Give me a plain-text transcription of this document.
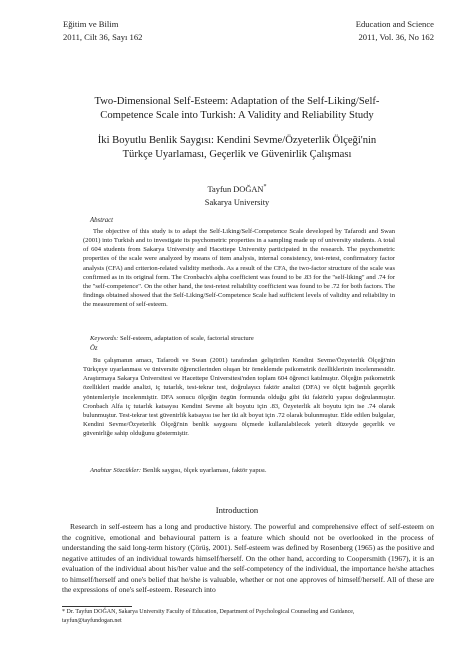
Eğitim ve Bilim
2011, Cilt 36, Sayı 162
Education and Science
2011, Vol. 36, No 162
Two-Dimensional Self-Esteem: Adaptation of the Self-Liking/Self-
Competence Scale into Turkish: A Validity and Reliability Study
İki Boyutlu Benlik Saygısı: Kendini Sevme/Özyeterlik Ölçeği'nin
Türkçe Uyarlaması, Geçerlik ve Güvenirlik Çalışması
Tayfun DOĞAN*
Sakarya University
Abstract

The objective of this study is to adapt the Self-Liking/Self-Competence Scale developed by Tafarodi and Swan (2001) into Turkish and to investigate its psychometric properties in a sampling made up of university students. A total of 604 students from Sakarya University and Hacettepe University participated in the research. The psychometric properties of the scale were analyzed by means of item analysis, internal consistency, test-retest, confirmatory factor analysis (CFA) and criterion-related validity methods. As a result of the CFA, the two-factor structure of the scale was confirmed as in its original form. The Cronbach's alpha coefficient was found to be .83 for the "self-liking" and .74 for the "self-competence". On the other hand, the test-retest reliability coefficient was found to be .72 for both factors. The findings obtained showed that the Self-Liking/Self-Competence Scale had sufficient levels of validity and reliability in the measurement of self-esteem.

Keywords: Self-esteem, adaptation of scale, factorial structure
Öz

Bu çalışmanın amacı, Tafarodi ve Swan (2001) tarafından geliştirilen Kendini Sevme/Özyeterlik Ölçeği'nin Türkçeye uyarlanması ve üniversite öğrencilerinden oluşan bir örneklemde psikometrik özelliklerinin incelenmesidir. Araştırmaya Sakarya Üniversitesi ve Hacettepe Üniversitesi'nden toplam 604 öğrenci katılmıştır. Ölçeğin psikometrik özellikleri madde analizi, iç tutarlık, test-tekrar test, doğrulayıcı faktör analizi (DFA) ve ölçüt bağıntılı geçerlik yöntemleriyle incelenmiştir. DFA sonucu ölçeğin özgün formunda olduğu gibi iki faktörlü yapısı doğrulanmıştır. Cronbach Alfa iç tutarlık katsayısı Kendini Sevme alt boyutu için .83, Özyeterlik alt boyutu için ise .74 olarak bulunmuştur. Test-tekrar test güvenirlik katsayısı ise her iki alt boyut için .72 olarak bulunmuştur. Elde edilen bulgular, Kendini Sevme/Özyeterlik Ölçeği'nin benlik saygısını ölçmede kullanılabilecek yeterli düzeyde geçerlik ve güvenirliğe sahip olduğunu göstermiştir.

Anahtar Sözcükler: Benlik saygısı, ölçek uyarlaması, faktör yapısı.
Introduction

Research in self-esteem has a long and productive history. The powerful and comprehensive effect of self-esteem on the cognitive, emotional and behavioural pattern is a feature which should not be overlooked in the process of understanding the said long-term history (Çörüş, 2001). Self-esteem was defined by Rosenberg (1965) as the positive and negative attitudes of an individual towards himself/herself. On the other hand, according to Coopersmith (1967), it is an evaluation of the individual about his/her value and the self-competency of the individual, the importance he/she attaches to himself/herself and one's belief that he/she is valuable, whether or not one approves of himself/herself. All of these are the expressions of one's self-esteem. Research into

* Dr. Tayfun DOĞAN, Sakarya University Faculty of Education, Department of Psychological Counseling and Guidance,
tayfun@tayfundogan.net
